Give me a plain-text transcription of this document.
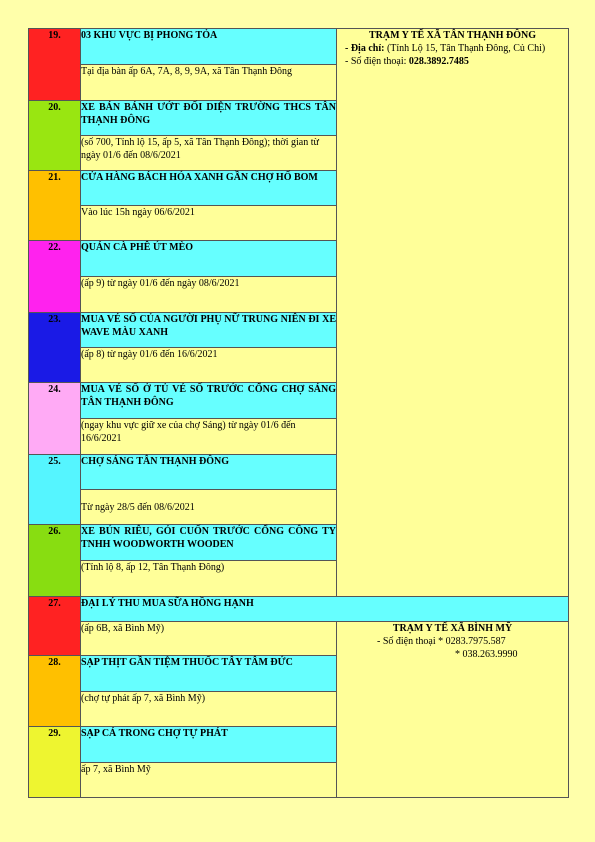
19.	03 KHU VỰC BỊ PHONG TỎA	TRẠM Y TẾ XÃ TÂN THẠNH ĐÔNG
- Địa chỉ: (Tỉnh Lộ 15, Tân Thạnh Đông, Củ Chi)
- Số điện thoại: 028.3892.7485

	Tại địa bàn ấp 6A, 7A, 8, 9, 9A, xã Tân Thạnh Đông	
20.	XE BÁN BÁNH ƯỚT ĐỐI DIỆN TRƯỜNG THCS TÂN THẠNH ĐÔNG	
	(số 700, Tỉnh lộ 15, ấp 5, xã Tân Thạnh Đông); thời gian từ ngày 01/6 đến 08/6/2021	
21.	CỬA HÀNG BÁCH HÓA XANH GẦN CHỢ HỐ BOM	
	Vào lúc 15h ngày 06/6/2021	
22.	QUÁN CÀ PHÊ ÚT MÈO	
	(ấp 9) từ ngày 01/6 đến ngày 08/6/2021	
23.	MUA VÉ SỐ CỦA NGƯỜI PHỤ NỮ TRUNG NIÊN ĐI XE WAVE MÀU XANH	
	(ấp 8) từ ngày 01/6 đến 16/6/2021	
24.	MUA VÉ SỐ Ở TỦ VÉ SỐ TRƯỚC CỔNG CHỢ SÁNG TÂN THẠNH ĐÔNG	
	(ngay khu vực giữ xe của chợ Sáng) từ ngày 01/6 đến 16/6/2021	
25.	CHỢ SÁNG TÂN THẠNH ĐÔNG	
	Từ ngày 28/5 đến 08/6/2021	
26.	XE BÚN RIÊU, GỎI CUỐN TRƯỚC CỔNG CÔNG TY TNHH WOODWORTH WOODEN	
	(Tỉnh lộ 8, ấp 12, Tân Thạnh Đông)	
27.	ĐẠI LÝ THU MUA SỮA HỒNG HẠNH	
	(ấp 6B, xã Bình Mỹ)	TRẠM Y TẾ XÃ BÌNH MỸ
- Số điện thoại * 0283.7975.587
* 038.263.9990

28.	SẠP THỊT GẦN TIỆM THUỐC TÂY TÂM ĐỨC	
	(chợ tự phát ấp 7, xã Bình Mỹ)	
29.	SẠP CÁ TRONG CHỢ TỰ PHÁT	
	ấp 7, xã Bình Mỹ	
